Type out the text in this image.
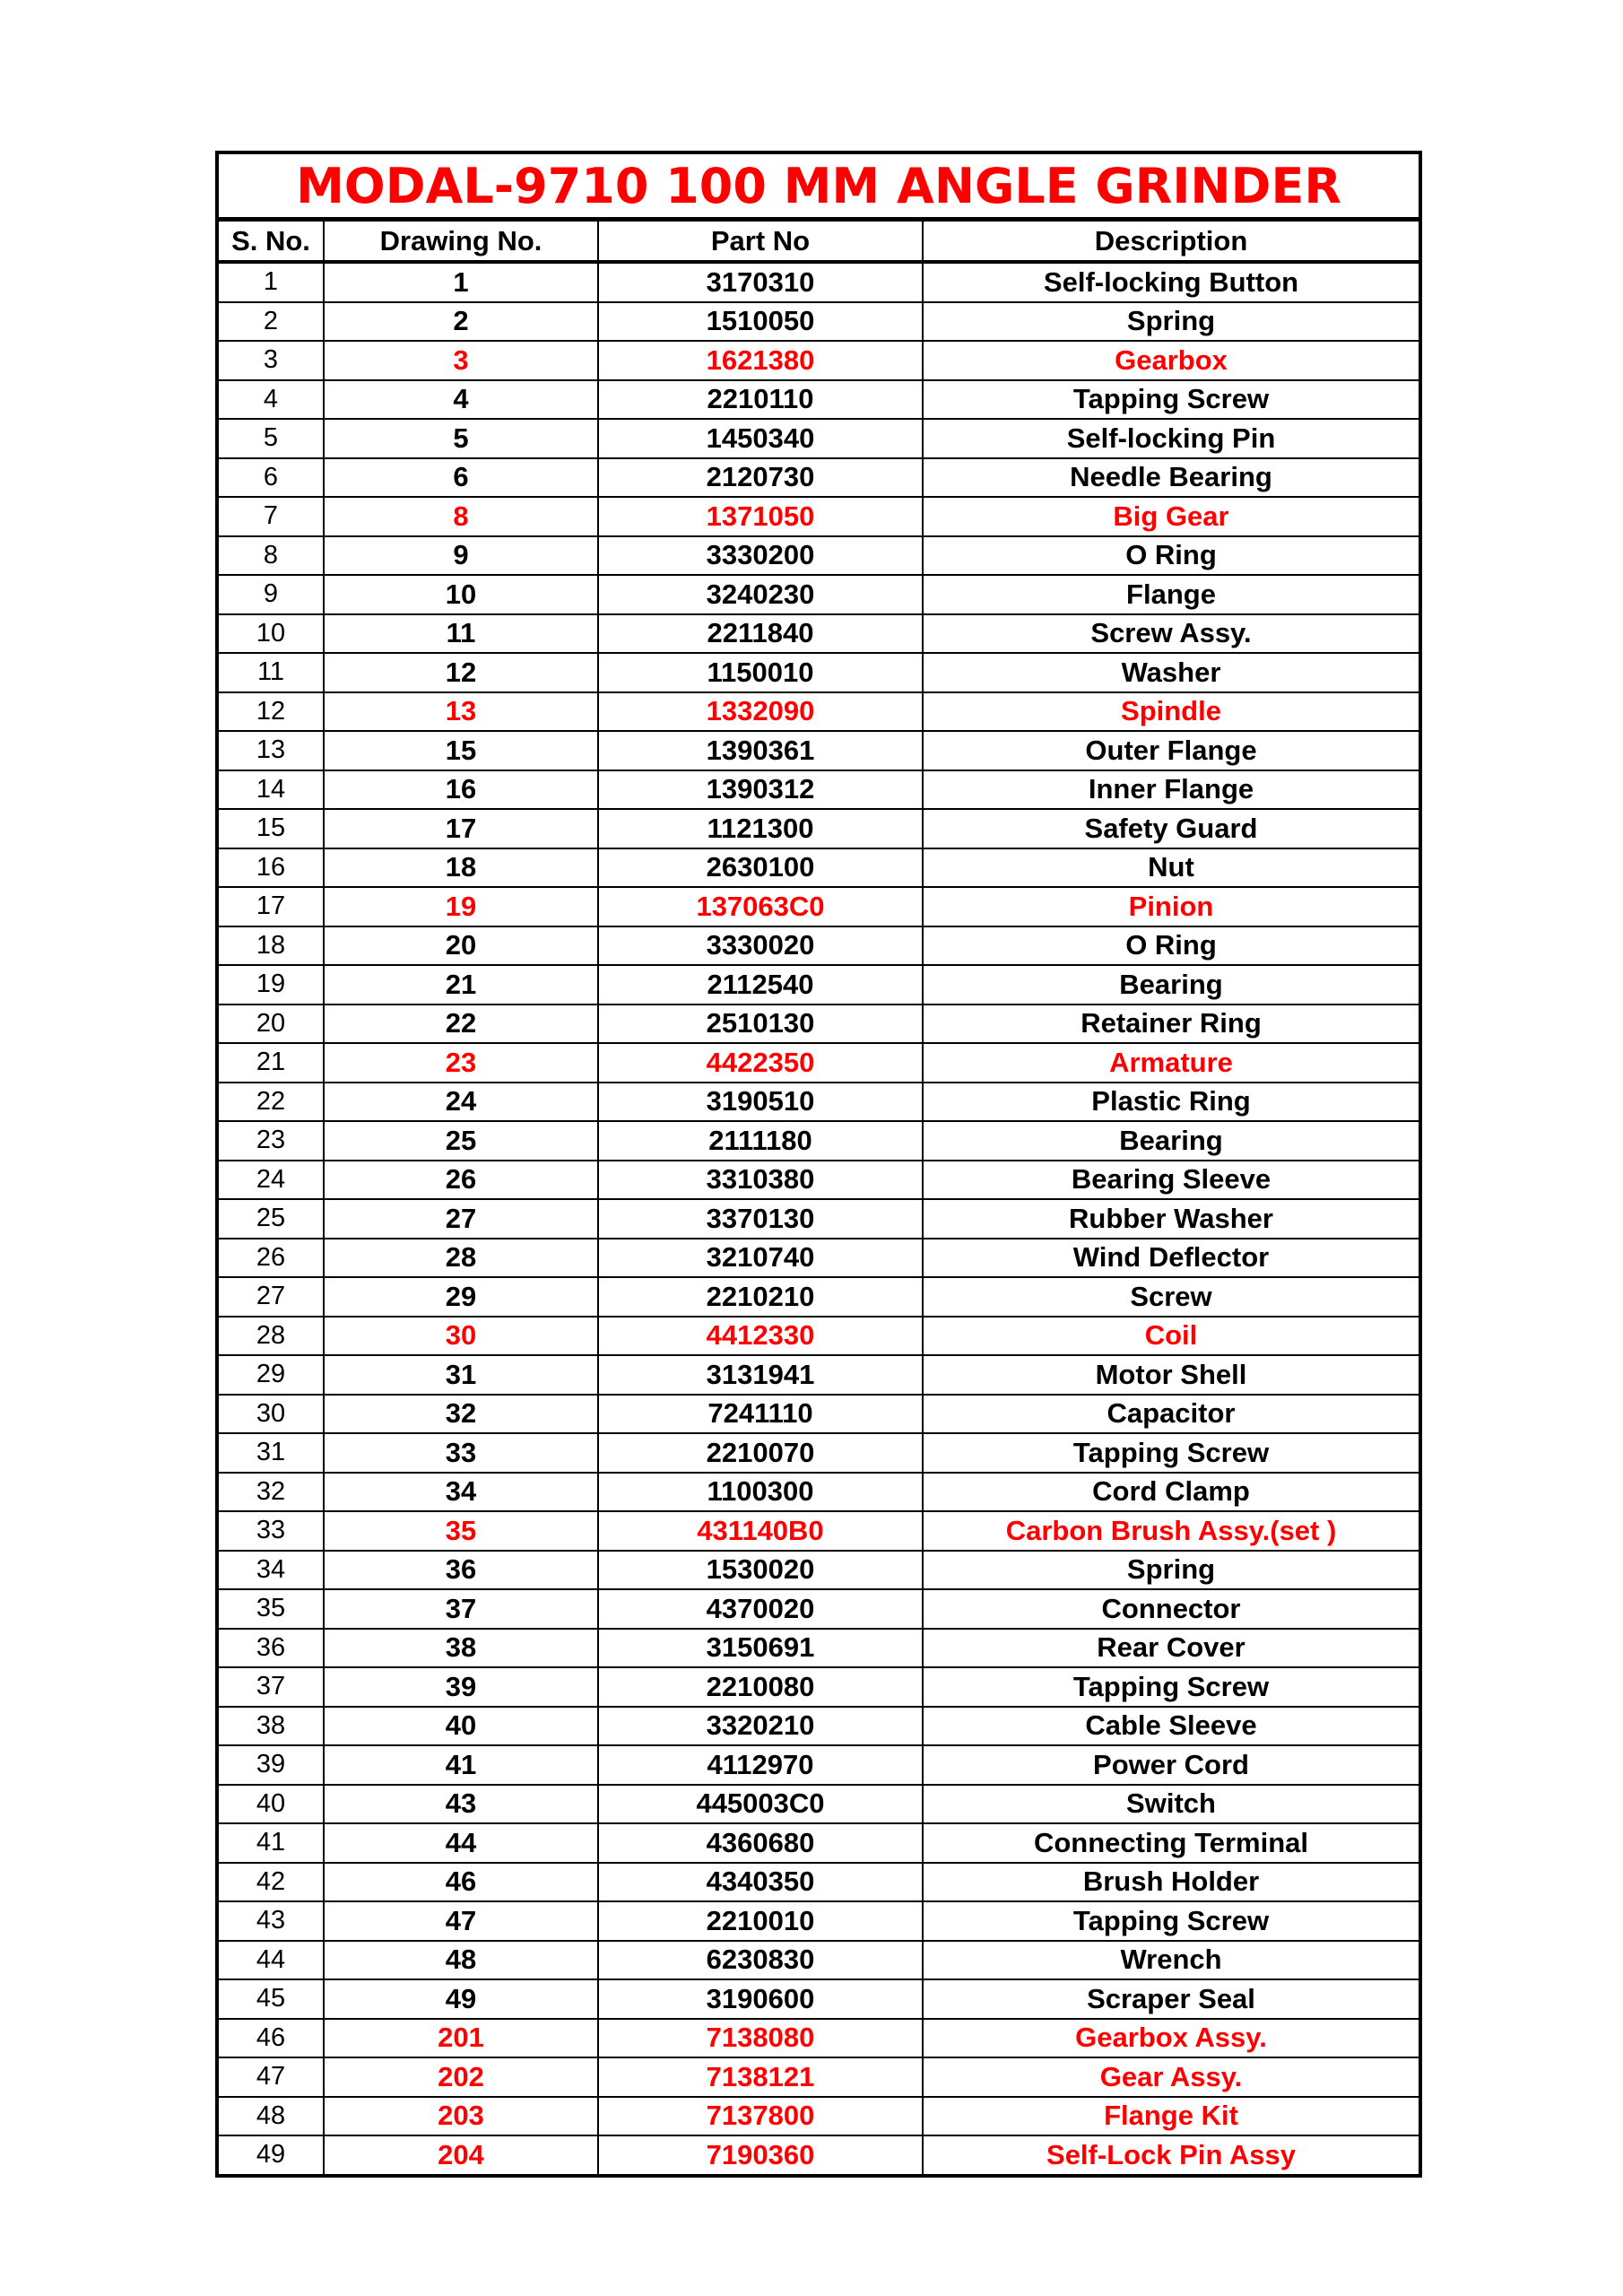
MODAL-9710 100 MM ANGLE GRINDER
S. No.	Drawing No.	Part No	Description
1	1	3170310	Self-locking Button
2	2	1510050	Spring
3	3	1621380	Gearbox
4	4	2210110	Tapping Screw
5	5	1450340	Self-locking Pin
6	6	2120730	Needle Bearing
7	8	1371050	Big Gear
8	9	3330200	O Ring
9	10	3240230	Flange
10	11	2211840	Screw Assy.
11	12	1150010	Washer
12	13	1332090	Spindle
13	15	1390361	Outer Flange
14	16	1390312	Inner Flange
15	17	1121300	Safety Guard
16	18	2630100	Nut
17	19	137063C0	Pinion
18	20	3330020	O Ring
19	21	2112540	Bearing
20	22	2510130	Retainer Ring
21	23	4422350	Armature
22	24	3190510	Plastic Ring
23	25	2111180	Bearing
24	26	3310380	Bearing Sleeve
25	27	3370130	Rubber Washer
26	28	3210740	Wind Deflector
27	29	2210210	Screw
28	30	4412330	Coil
29	31	3131941	Motor Shell
30	32	7241110	Capacitor
31	33	2210070	Tapping Screw
32	34	1100300	Cord Clamp
33	35	431140B0	Carbon Brush Assy.(set )
34	36	1530020	Spring
35	37	4370020	Connector
36	38	3150691	Rear Cover
37	39	2210080	Tapping Screw
38	40	3320210	Cable Sleeve
39	41	4112970	Power Cord
40	43	445003C0	Switch
41	44	4360680	Connecting Terminal
42	46	4340350	Brush Holder
43	47	2210010	Tapping Screw
44	48	6230830	Wrench
45	49	3190600	Scraper Seal
46	201	7138080	Gearbox Assy.
47	202	7138121	Gear Assy.
48	203	7137800	Flange Kit
49	204	7190360	Self-Lock Pin Assy
